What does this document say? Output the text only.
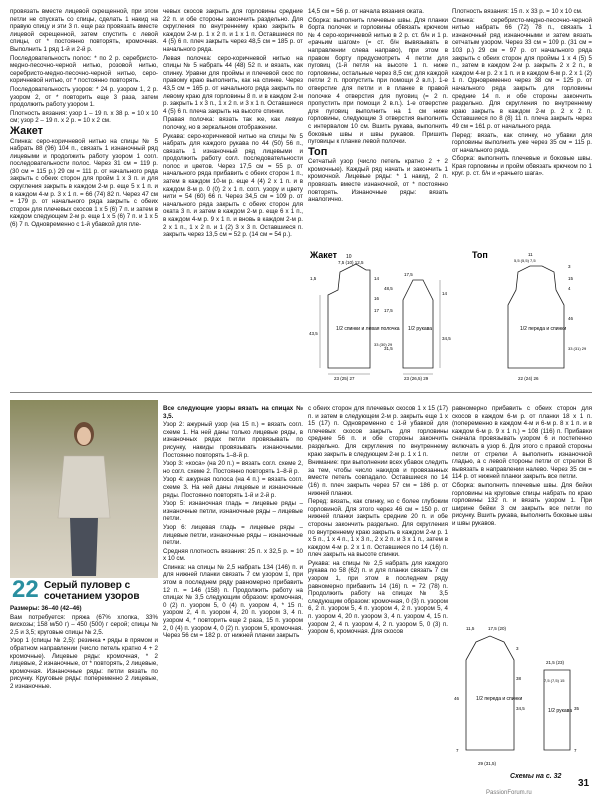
провязать вместе лицевой скрещенной, при этом петли не спускать со спицы, сделать 1 накид на правую спицу и эти 3 п. еще раз провязать вместе лицевой скрещенной, затем спустить с левой спицы, от * постоянно повторять, кромочная. Выполнить 1 ряд 1-й и 2-й р.

Последовательность полос: * по 2 р. серебристо-медно-песочно-черной нитью, розовой нитью, серебристо-медно-песочно-черной нитью, серо-коричневой нитью, от * постоянно повторять.

Последовательность узоров: * 24 р. узором 1, 2 р. узором 2, от * повторить еще 3 раза, затем продолжить работу узором 1.

Плотность вязания: узор 1 – 19 п. х 38 р. = 10 х 10 см; узор 2 – 19 п. х 2 р. = 10 х 2 см.

Жакет

Спинка: серо-коричневой нитью на спицы № 5 набрать 88 (96) 104 п., связать 1 изнаночный ряд лицевыми и продолжить работу узором 1 согл. последовательности полос. Через 31 см = 119 р. (30 см = 115 р.) 29 см = 111 р. от начального ряда закрыть с обеих сторон для пройм 1 х 3 п. и для скругления закрыть в каждом 2-м р. еще 5 х 1 п. и в каждом 4-м р. 3 х 1 п. = 66 (74) 82 п. Через 47 см = 179 р. от начального ряда закрыть с обеих сторон для плечевых скосов 1 х 5 (6) 7 п. и затем в каждом следующем 2-м р. еще 1 х 5 (6) 7 п. и 1 х 5 (6) 7 п. Одновременно с 1-й убавкой для пле-

чевых скосов закрыть для горловины средние 22 п. и обе стороны закончить раздельно. Для скругления по внутреннему краю закрыть в каждом 2-м р. 1 х 2 п. и 1 х 1 п. Оставшиеся по 4 (5) 6 п. плеч закрыть через 48,5 см = 185 р. от начального ряда.

Левая полочка: серо-коричневой нитью на спицы № 5 набрать 44 (48) 52 п. и вязать, как спинку. Уравни для проймы и плечевой скос по правому краю выполнить, как на спинке. Через 43,5 см = 165 р. от начального ряда закрыть по левому краю для горловины 8 п. и в каждом 2-м р. закрыть 1 х 3 п., 1 х 2 п. и 3 х 1 п. Оставшиеся 4 (5) 6 п. плеча закрыть на высоте спинки.

Правая полочка: вязать так же, как левую полочку, но в зеркальном отображении.

Рукава: серо-коричневой нитью на спицы № 5 набрать для каждого рукава по 44 (50) 56 п., связать 1 изнаночный ряд лицевыми и продолжить работу согл. последовательности полос и цветов. Через 17,5 см = 55 р. от начального ряда прибавить с обеих сторон 1 п., затем в каждом 10-м р. еще 4 (4) 2 х 1 п. и в каждом 8-м р. 0 (0) 2 х 1 п. согл. узору и цвету нити = 54 (60) 66 п. Через 34,5 см = 109 р. от начального ряда закрыть с обеих сторон для оката 3 п. и затем в каждом 2-м р. еще 6 х 1 п., в каждом 4-м р. 9 х 1 п. и вновь в каждом 2-м р. 2 х 1 п., 1 х 2 п. и 1 (2) 3 х 3 п. Оставшиеся п. закрыть через 13,5 см = 52 р. (14 см = 54 р.).

14,5 см = 56 р. от начала вязания оката.

Сборка: выполнить плечевые швы. Для планки борта полочек и горловины обвязать крючком № 4 серо-коричневой нитью в 2 р. ст. б/н и 1 р. «рачьим шагом» (= ст. б/н вывязывать в направлении слева направо), при этом в правом борту предусмотреть 4 петли для пуговиц (1-й петля на высоте 1 п. ниже горловины, остальные через 8,5 см; для каждой петли 2 п. пропустить при помощи 2 в.п.). 1-е отверстие для петли и в планке в правой полочке 4 отверстия для пуговиц (= 2 п. пропустить при помощи 2 в.п.). 1-е отверстие для пуговиц выполнить на 1 см ниже горловины, следующие 3 отверстия выполнить с интервалом 10 см. Вшить рукава, выполнить боковые швы и швы рукавов. Пришить пуговицы к планке левой полочки.

Топ

Сетчатый узор (число петель кратно 2 + 2 кромочные). Каждый ряд начать и закончить 1 кромочной. Лицевые ряды: * 1 накид, 2 п. провязать вместе изнаночной, от * постоянно повторять. Изнаночные ряды: вязать аналогично.

Плотность вязания: 15 п. х 33 р. = 10 х 10 см.

Спинка: серебристо-медно-песочно-черной нитью набрать 66 (72) 78 п., связать 1 изнаночный ряд изнаночными и затем вязать сетчатым узором. Через 33 см = 109 р. (31 см = 103 р.) 29 см = 97 р. от начального ряда закрыть с обеих сторон для проймы 1 х 4 (5) 5 п., затем в каждом 2-м р. закрыть 2 х 2 п., в каждом 4-м р. 2 х 1 п. и в каждом 6-м р. 2 х 1 (2) 1 п. Одновременно через 38 см = 125 р. от начального ряда закрыть для горловины средние 14 п. и обе стороны закончить раздельно. Для скругления по внутреннему краю закрыть в каждом 2-м р. 2 х 2 п. Оставшиеся по 8 (8) 11 п. плеча закрыть через 49 см = 161 р. от начального ряда.

Перед: вязать, как спинку, но убавки для горловины выполнить уже через 35 см = 115 р. от начального ряда.

Сборка: выполнить плечевые и боковые швы. Края горловины и пройм обвязать крючком по 1 круг. р. ст. б/н и «рачьего шага».

Жакет
1/2 спинки и левая полочка 1/2 рукава
10
7,5 (10) 12,5
17,5
23 (25) 27	23 (26,5) 29
1,5
43,5
16
17 17,5
33 (30) 29
14
48,5
31,5
14
34,5
Топ
1/2 переда и спинки
11
5,5 (5,5) 7,5
15
4
3
46
33 (31) 29
22 (24) 26
22 Серый пуловер с сочетанием узоров

Размеры: 36–40 (42–46)

Вам потребуется: пряжа (67% хлопка, 33% вискозы; 158 м/50 г) – 450 (500) г серой; спицы № 2,5 и 3,5; круговые спицы № 2,5.

Узор 1 (спицы № 2,5): резинка • ряды в прямом и обратном направлении (число петель кратно 4 + 2 кромочные). Лицевые ряды: кромочная, * 2 лицевые, 2 изнаночные, от * повторять, 2 лицевые, кромочная. Изнаночные ряды: петли вязать по рисунку. Круговые ряды: попеременно 2 лицевые, 2 изнаночные.

Все следующие узоры вязать на спицах № 3,5.

Узор 2: ажурный узор (на 15 п.) = вязать согл. схеме 1. На ней даны только лицевые ряды, в изнаночных рядах петли провязывать по рисунку, накиды провязывать изнаночными. Постоянно повторять 1–8-й р.

Узор 3: «коса» (на 20 п.) = вязать согл. схеме 2, но согл. схеме 2. Постоянно повторять 1–8-й р.

Узор 4: ажурная полоса (на 4 п.) = вязать согл. схеме 3. На ней даны лицевые и изнаночные ряды. Постоянно повторять 1-й и 2-й р.

Узор 5: изнаночная гладь = лицевые ряды – изнаночные петли, изнаночные ряды – лицевые петли.

Узор 6: лицевая гладь = лицевые ряды – лицевые петли, изнаночные ряды – изнаночные петли.

Средняя плотность вязания: 25 п. х 32,5 р. = 10 х 10 см.

Спинка: на спицы № 2,5 набрать 134 (146) п. и для нижней планки связать 7 см узором 1, при этом в последнем ряду равномерно прибавить 12 п. = 146 (158) п. Продолжить работу на спицах № 3,5 следующим образом: кромочная, 0 (2) п. узором 5, 0 (4) п. узором 4, * 15 п. узором 2, 4 п. узором 4, 20 п. узором 3, 4 п. узором 4, * повторить еще 2 раза, 15 п. узором 2, 0 (4) п. узором 4, 0 (2) п. узором 5, кромочная. Через 56 см = 182 р. от нижней планки закрыть

с обеих сторон для плечевых скосов 1 х 15 (17) п. и затем в следующем 2-м р. закрыть еще 1 х 15 (17) п. Одновременно с 1-й убавкой для плечевых скосов закрыть для горловины средние 56 п. и обе стороны закончить раздельно. Для скругления по внутреннему краю закрыть в следующем 2-м р. 1 х 1 п.

Внимание: при выполнении всех убавок следить за тем, чтобы число накидов и провязанных вместе петель совпадало. Оставшиеся по 14 (16) п. плеч закрыть через 57 см = 186 р. от нижней планки.

Перед: вязать, как спинку, но с более глубоким горловиной. Для этого через 46 см = 150 р. от нижней планки закрыть средние 20 п. и обе стороны закончить раздельно. Для скругления по внутреннему краю закрыть в каждом 2-м р. 1 х 5 п., 1 х 4 п., 1 х 3 п., 2 х 2 п. и 3 х 1 п., затем в каждом 4-м р. 2 х 1 п. Оставшиеся по 14 (16) п. плеч закрыть на высоте спинки.

Рукава: на спицы № 2,5 набрать для каждого рукава по 58 (62) п. и для планки связать 7 см узором 1, при этом в последнем ряду равномерно прибавить 14 (16) п. = 72 (78) п. Продолжить работу на спицах № 3,5 следующим образом: кромочная, 0 (3) п. узором 6, 2 п. узором 5, 4 п. узором 4, 2 п. узором 5, 4 п. узором 4, 20 п. узором 3, 4 п. узором 4, 15 п. узором 2, 4 п. узором 4, 2 п. узором 5, 0 (3) п. узором 6, кромочная. Для скосов

равномерно прибавить с обеих сторон для скосов в каждом 6-м р. от планки 18 х 1 п. (попеременно в каждом 4-м и 6-м р. 8 х 1 п. и в каждом 6-м р. 9 х 1 п.) = 108 (116) п. Прибавки сначала провязывать узором 6 и постепенно включать в узор 6. Для этого с правой стороны петли от стрелки А выполнить изнаночной гладью, а с левой стороны петли от стрелки В вывязать в направлении налево. Через 35 см = 114 р. от нижней планки закрыть все петли.

Сборка: выполнить плечевые швы. Для бейки горловины на круговые спицы набрать по краю горловины 132 п. и вязать узором 1. При ширине бейки 3 см закрыть все петли по рисунку. Вшить рукава, выполнить боковые швы и швы рукавов.

1/2 переда и спинки
1/2 рукава
11,5	17,5 (20)
21,5 (23)
46
34,5
38
29 (31,5)
7
35
3
7,5 (7,5) 15
7
Схемы на с. 32
31
PassionForum.ru
